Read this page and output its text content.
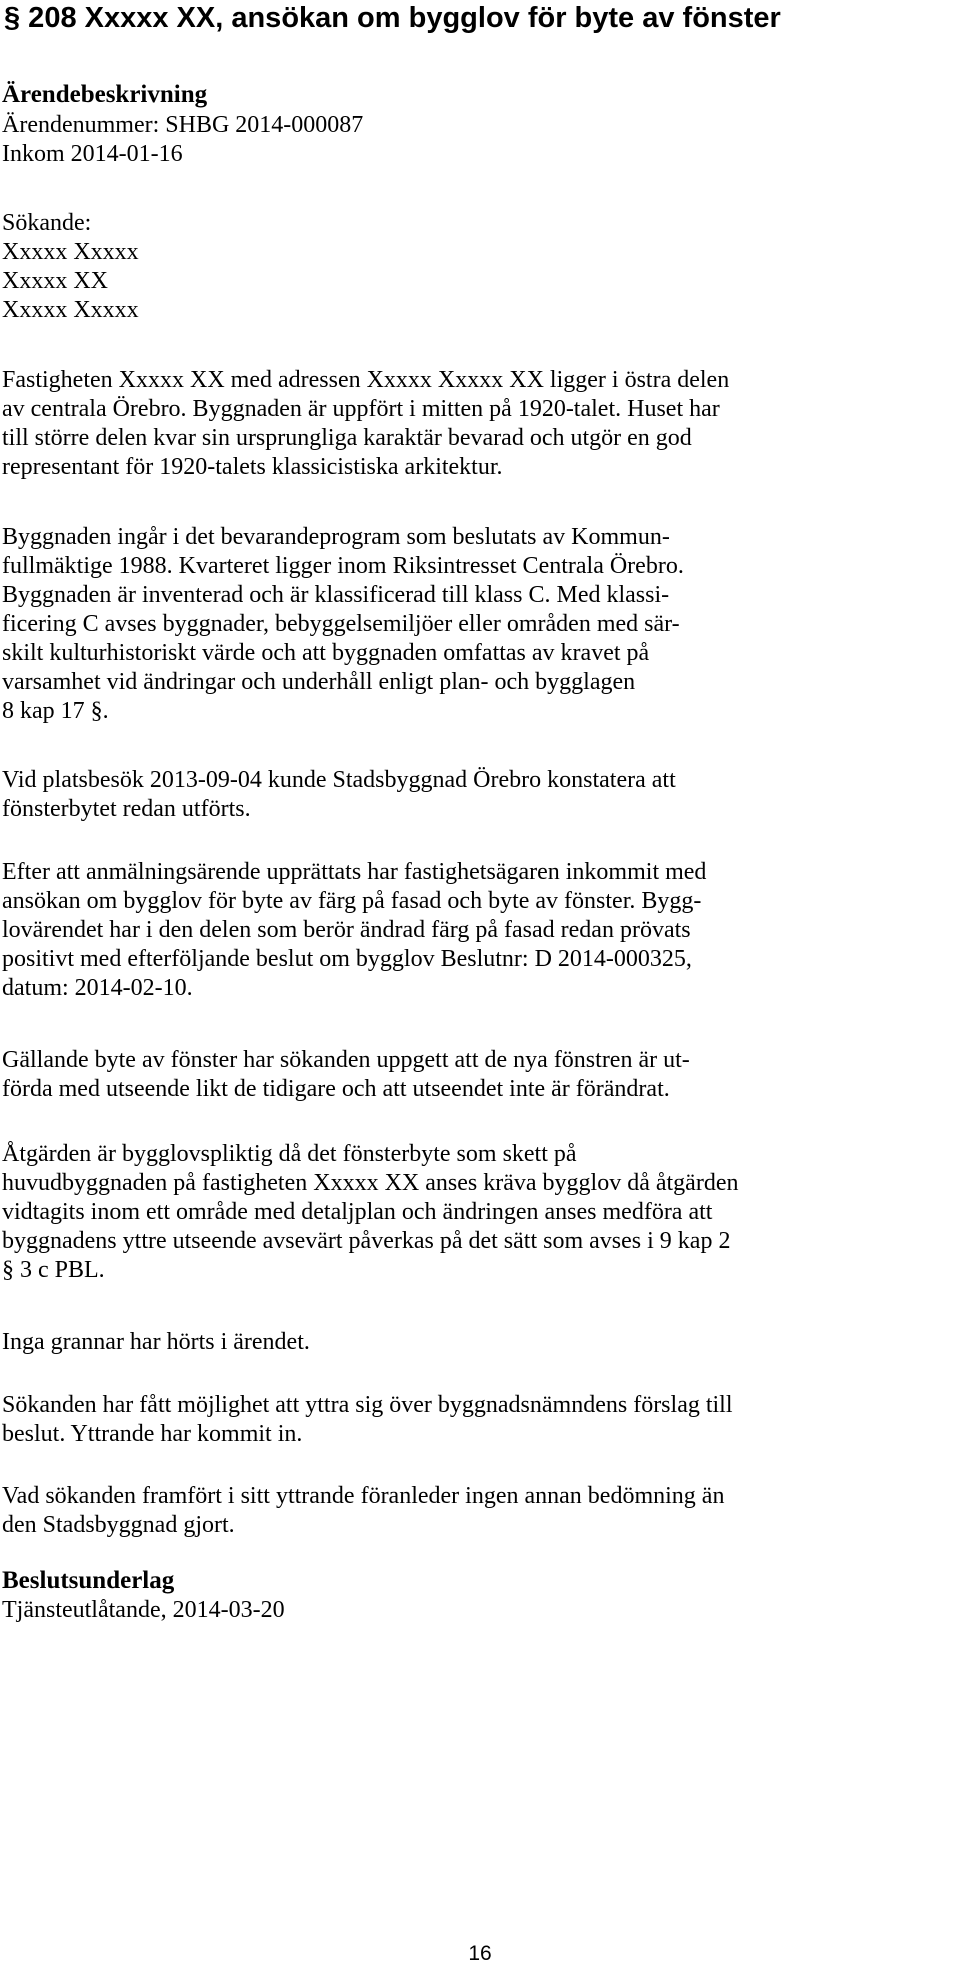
§ 208 Xxxxx XX, ansökan om bygglov för byte av fönster
Ärendebeskrivning
Ärendenummer: SHBG 2014-000087
Inkom 2014-01-16
Sökande:
Xxxxx Xxxxx
Xxxxx XX
Xxxxx Xxxxx
Fastigheten Xxxxx XX med adressen Xxxxx Xxxxx XX ligger i östra delen
av centrala Örebro. Byggnaden är uppfört i mitten på 1920-talet. Huset har
till större delen kvar sin ursprungliga karaktär bevarad och utgör en god
representant för 1920-talets klassicistiska arkitektur.
Byggnaden ingår i det bevarandeprogram som beslutats av Kommun-
fullmäktige 1988. Kvarteret ligger inom Riksintresset Centrala Örebro.
Byggnaden är inventerad och är klassificerad till klass C. Med klassi-
ficering C avses byggnader, bebyggelsemiljöer eller områden med sär-
skilt kulturhistoriskt värde och att byggnaden omfattas av kravet på
varsamhet vid ändringar och underhåll enligt plan- och bygglagen
8 kap 17 §.
Vid platsbesök 2013-09-04 kunde Stadsbyggnad Örebro konstatera att
fönsterbytet redan utförts.
Efter att anmälningsärende upprättats har fastighetsägaren inkommit med
ansökan om bygglov för byte av färg på fasad och byte av fönster. Bygg-
lovärendet har i den delen som berör ändrad färg på fasad redan prövats
positivt med efterföljande beslut om bygglov Beslutnr: D 2014-000325,
datum: 2014-02-10.
Gällande byte av fönster har sökanden uppgett att de nya fönstren är ut-
förda med utseende likt de tidigare och att utseendet inte är förändrat.
Åtgärden är bygglovspliktig då det fönsterbyte som skett på
huvudbyggnaden på fastigheten Xxxxx XX anses kräva bygglov då åtgärden
vidtagits inom ett område med detaljplan och ändringen anses medföra att
byggnadens yttre utseende avsevärt påverkas på det sätt som avses i 9 kap 2
§ 3 c PBL.
Inga grannar har hörts i ärendet.
Sökanden har fått möjlighet att yttra sig över byggnadsnämndens förslag till
beslut. Yttrande har kommit in.
Vad sökanden framfört i sitt yttrande föranleder ingen annan bedömning än
den Stadsbyggnad gjort.
Beslutsunderlag
Tjänsteutlåtande, 2014-03-20
16
